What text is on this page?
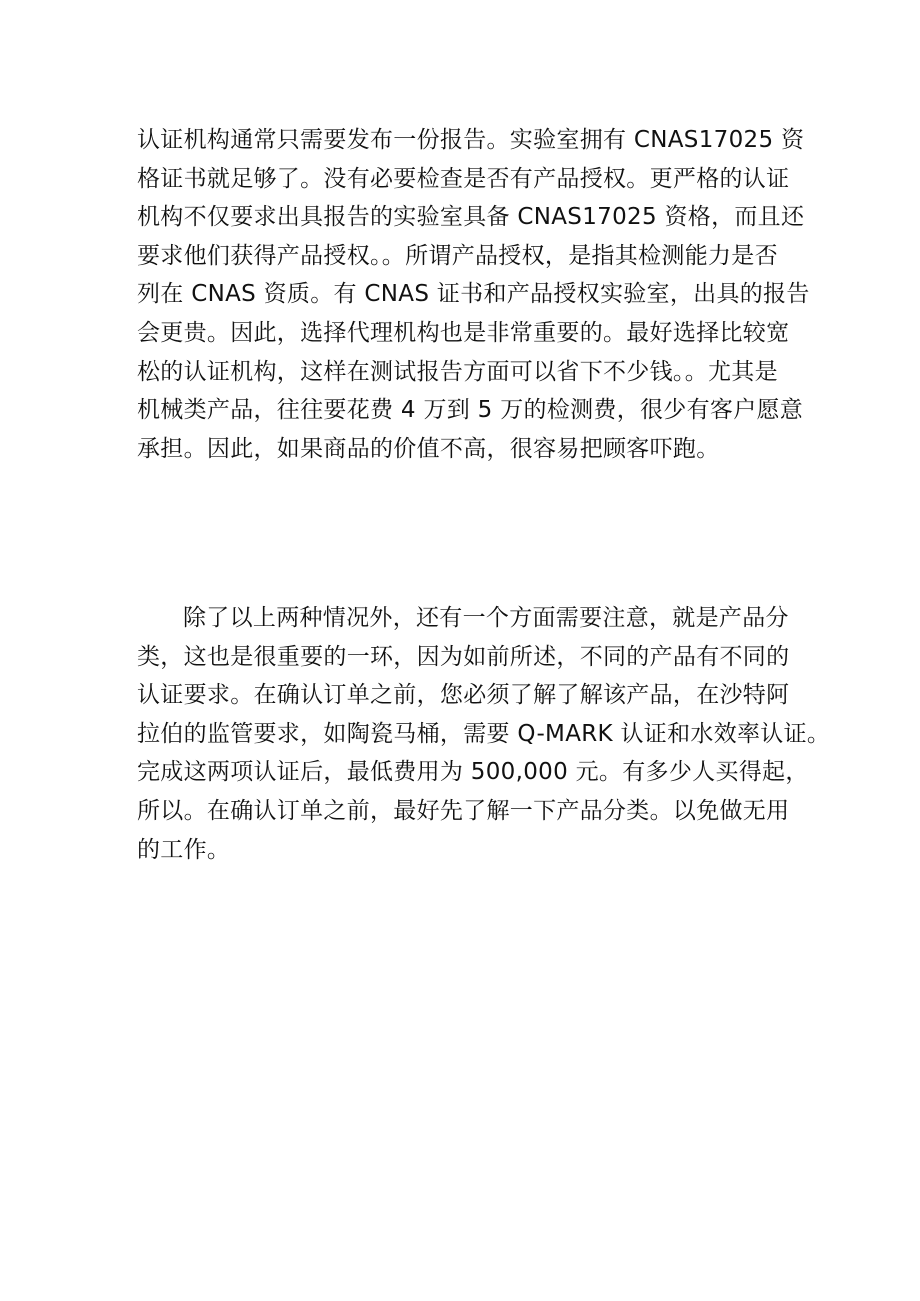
认证机构通常只需要发布一份报告。实验室拥有 CNAS17025 资
格证书就足够了。没有必要检查是否有产品授权。更严格的认证
机构不仅要求出具报告的实验室具备 CNAS17025 资格，而且还
要求他们获得产品授权。。所谓产品授权，是指其检测能力是否
列在 CNAS 资质。有 CNAS 证书和产品授权实验室，出具的报告
会更贵。因此，选择代理机构也是非常重要的。最好选择比较宽
松的认证机构，这样在测试报告方面可以省下不少钱。。尤其是
机械类产品，往往要花费 4 万到 5 万的检测费，很少有客户愿意
承担。因此，如果商品的价值不高，很容易把顾客吓跑。
除了以上两种情况外，还有一个方面需要注意，就是产品分
类，这也是很重要的一环，因为如前所述，不同的产品有不同的
认证要求。在确认订单之前，您必须了解了解该产品，在沙特阿
拉伯的监管要求，如陶瓷马桶，需要 Q-MARK 认证和水效率认证。
完成这两项认证后，最低费用为 500,000 元。有多少人买得起，
所以。在确认订单之前，最好先了解一下产品分类。以免做无用
的工作。
